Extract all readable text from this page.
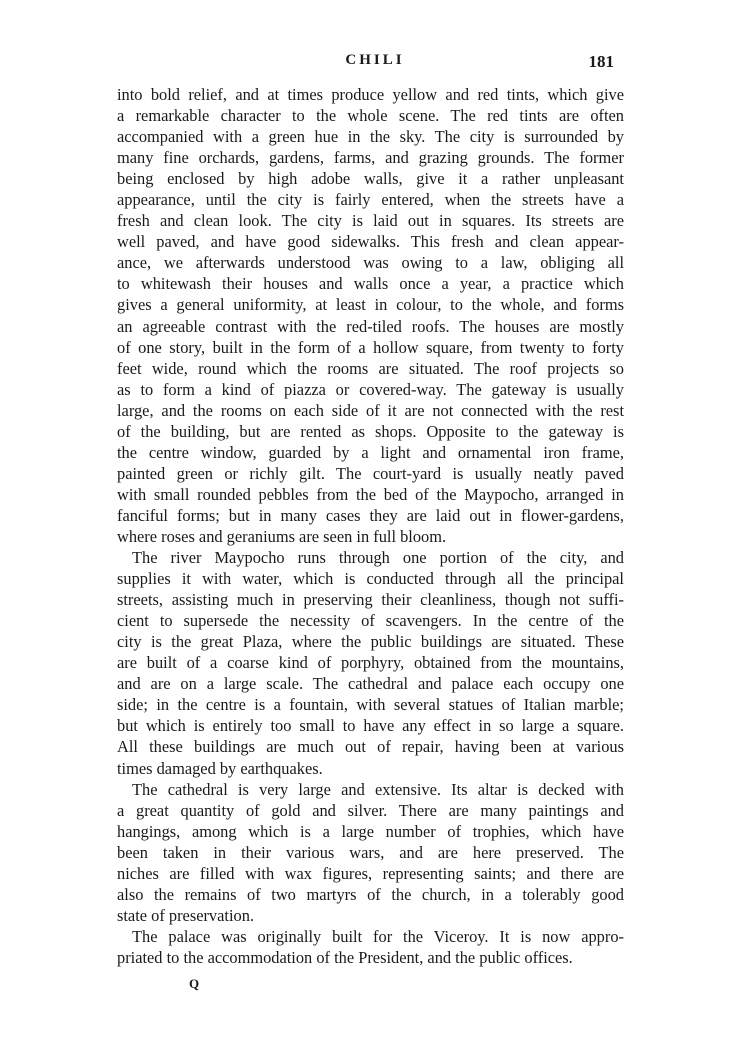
CHILI	181
into bold relief, and at times produce yellow and red tints, which give
a remarkable character to the whole scene. The red tints are often
accompanied with a green hue in the sky. The city is surrounded by
many fine orchards, gardens, farms, and grazing grounds. The former
being enclosed by high adobe walls, give it a rather unpleasant
appearance, until the city is fairly entered, when the streets have a
fresh and clean look. The city is laid out in squares. Its streets are
well paved, and have good sidewalks. This fresh and clean appear-
ance, we afterwards understood was owing to a law, obliging all
to whitewash their houses and walls once a year, a practice which
gives a general uniformity, at least in colour, to the whole, and forms
an agreeable contrast with the red-tiled roofs. The houses are mostly
of one story, built in the form of a hollow square, from twenty to forty
feet wide, round which the rooms are situated. The roof projects so
as to form a kind of piazza or covered-way. The gateway is usually
large, and the rooms on each side of it are not connected with the rest
of the building, but are rented as shops. Opposite to the gateway is
the centre window, guarded by a light and ornamental iron frame,
painted green or richly gilt. The court-yard is usually neatly paved
with small rounded pebbles from the bed of the Maypocho, arranged in
fanciful forms; but in many cases they are laid out in flower-gardens,
where roses and geraniums are seen in full bloom.
The river Maypocho runs through one portion of the city, and
supplies it with water, which is conducted through all the principal
streets, assisting much in preserving their cleanliness, though not suffi-
cient to supersede the necessity of scavengers. In the centre of the
city is the great Plaza, where the public buildings are situated. These
are built of a coarse kind of porphyry, obtained from the mountains,
and are on a large scale. The cathedral and palace each occupy one
side; in the centre is a fountain, with several statues of Italian marble;
but which is entirely too small to have any effect in so large a square.
All these buildings are much out of repair, having been at various
times damaged by earthquakes.
The cathedral is very large and extensive. Its altar is decked with
a great quantity of gold and silver. There are many paintings and
hangings, among which is a large number of trophies, which have
been taken in their various wars, and are here preserved. The
niches are filled with wax figures, representing saints; and there are
also the remains of two martyrs of the church, in a tolerably good
state of preservation.
The palace was originally built for the Viceroy. It is now appro-
priated to the accommodation of the President, and the public offices.
Q
